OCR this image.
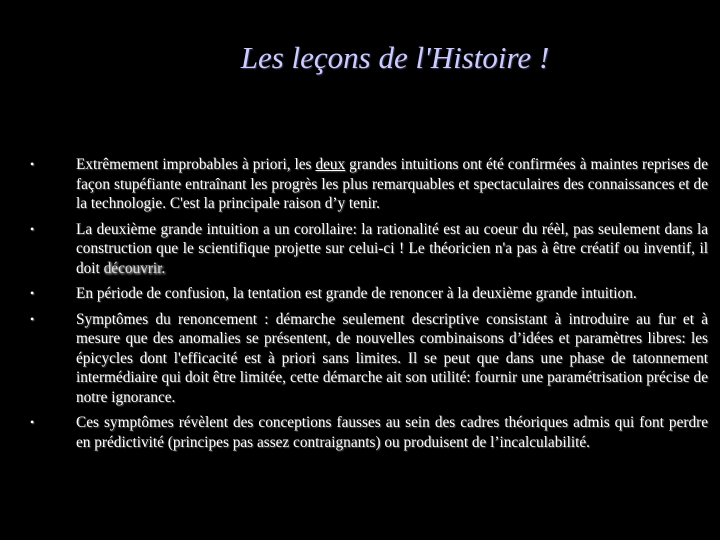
Les leçons de l'Histoire !
•	Extrêmement improbables à priori, les deux grandes intuitions ont été confirmées à maintes reprises de façon stupéfiante entraînant les progrès les plus remarquables et spectaculaires des connaissances et de la technologie. C'est la principale raison d’y tenir.
•	La deuxième grande intuition a un corollaire: la rationalité est au coeur du réèl, pas seulement dans la construction que le scientifique projette sur celui-ci ! Le théoricien n'a pas à être créatif ou inventif, il doit découvrir.
•	En période de confusion, la tentation est grande de renoncer à la deuxième grande intuition.
•	Symptômes du renoncement : démarche seulement descriptive consistant à introduire au fur et à mesure que des anomalies se présentent, de nouvelles combinaisons d’idées et paramètres libres: les épicycles dont l'efficacité est à priori sans limites. Il se peut que dans une phase de tatonnement intermédiaire qui doit être limitée, cette démarche ait son utilité: fournir une paramétrisation précise de notre ignorance.
•	Ces symptômes révèlent des conceptions fausses au sein des cadres théoriques admis qui font perdre en prédictivité (principes pas assez contraignants) ou produisent de l’incalculabilité.
